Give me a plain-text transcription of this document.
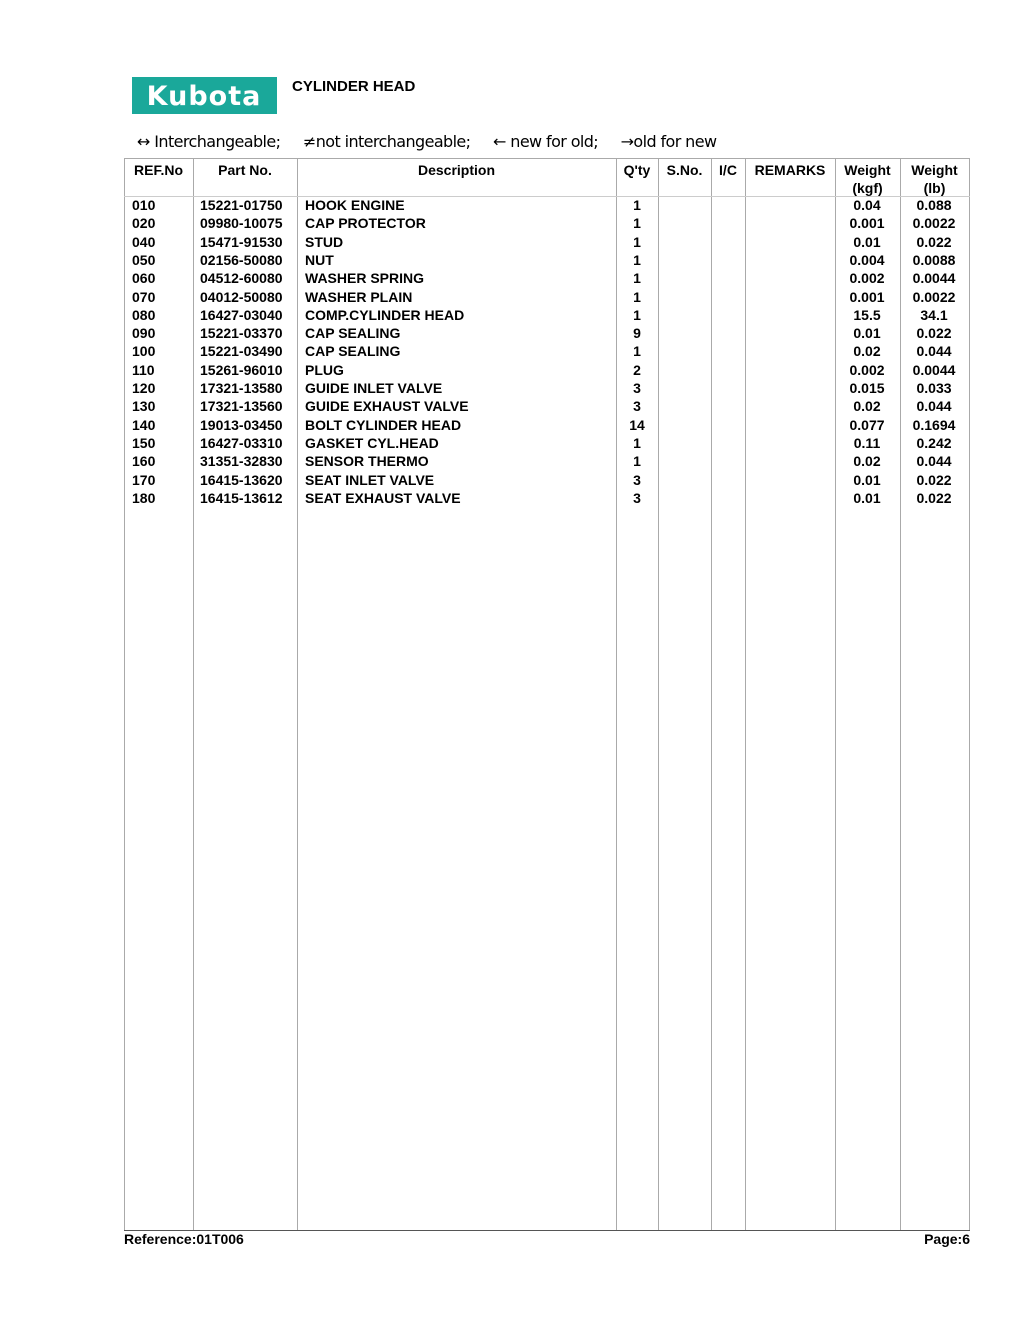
Kubota CYLINDER HEAD
↔ Interchangeable; ≠not interchangeable; ← new for old; →old for new
REF.No	Part No.	Description	Q'ty	S.No.	I/C	REMARKS	Weight
(kgf)
Weight
(lb)
010	15221-01750 HOOK ENGINE	1	0.04	0.088
020	09980-10075 CAP PROTECTOR	1	0.001 0.0022
040	15471-91530 STUD	1	0.01	0.022
050	02156-50080 NUT	1	0.004 0.0088
060	04512-60080 WASHER SPRING	1	0.002 0.0044
070	04012-50080 WASHER PLAIN	1	0.001 0.0022
080	16427-03040 COMP.CYLINDER HEAD	1	15.5	34.1
090	15221-03370 CAP SEALING	9	0.01	0.022
100	15221-03490 CAP SEALING	1	0.02	0.044
110	15261-96010 PLUG	2	0.002 0.0044
120	17321-13580 GUIDE INLET VALVE	3	0.015 0.033
130	17321-13560 GUIDE EXHAUST VALVE	3	0.02	0.044
140	19013-03450 BOLT CYLINDER HEAD	14	0.077 0.1694
150	16427-03310 GASKET CYL.HEAD	1	0.11	0.242
160	31351-32830 SENSOR THERMO	1	0.02	0.044
170	16415-13620 SEAT INLET VALVE	3	0.01	0.022
180	16415-13612 SEAT EXHAUST VALVE	3	0.01	0.022
Reference:01T006	Page:6
